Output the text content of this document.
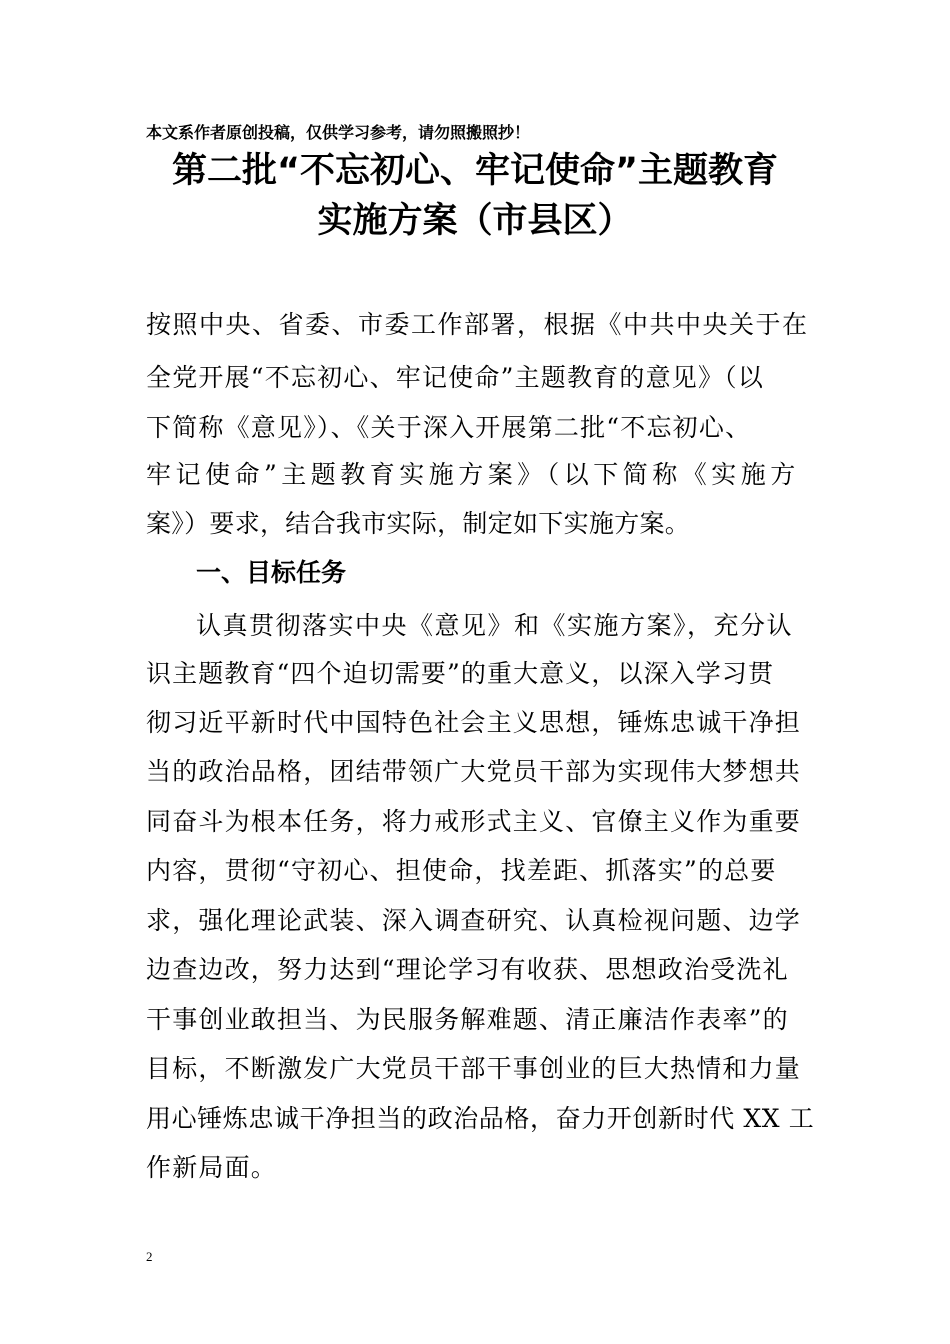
本文系作者原创投稿，仅供学习参考，请勿照搬照抄！
第二批“不忘初心、牢记使命”主题教育
实施方案（市县区）
按照中央、省委、市委工作部署，根据《中共中央关于在
全党开展“不忘初心、牢记使命”主题教育的意见》（以
下简称《意见》）、《关于深入开展第二批“不忘初心、
牢记使命”主题教育实施方案》（以下简称《实施方
案》）要求，结合我市实际，制定如下实施方案。
一、目标任务
认真贯彻落实中央《意见》和《实施方案》，充分认
识主题教育“四个迫切需要”的重大意义，以深入学习贯
彻习近平新时代中国特色社会主义思想，锤炼忠诚干净担
当的政治品格，团结带领广大党员干部为实现伟大梦想共
同奋斗为根本任务，将力戒形式主义、官僚主义作为重要
内容，贯彻“守初心、担使命，找差距、抓落实”的总要
求，强化理论武装、深入调查研究、认真检视问题、边学
边查边改，努力达到“理论学习有收获、思想政治受洗礼
干事创业敢担当、为民服务解难题、清正廉洁作表率”的
目标，不断激发广大党员干部干事创业的巨大热情和力量
用心锤炼忠诚干净担当的政治品格，奋力开创新时代 XX 工
作新局面。
2
